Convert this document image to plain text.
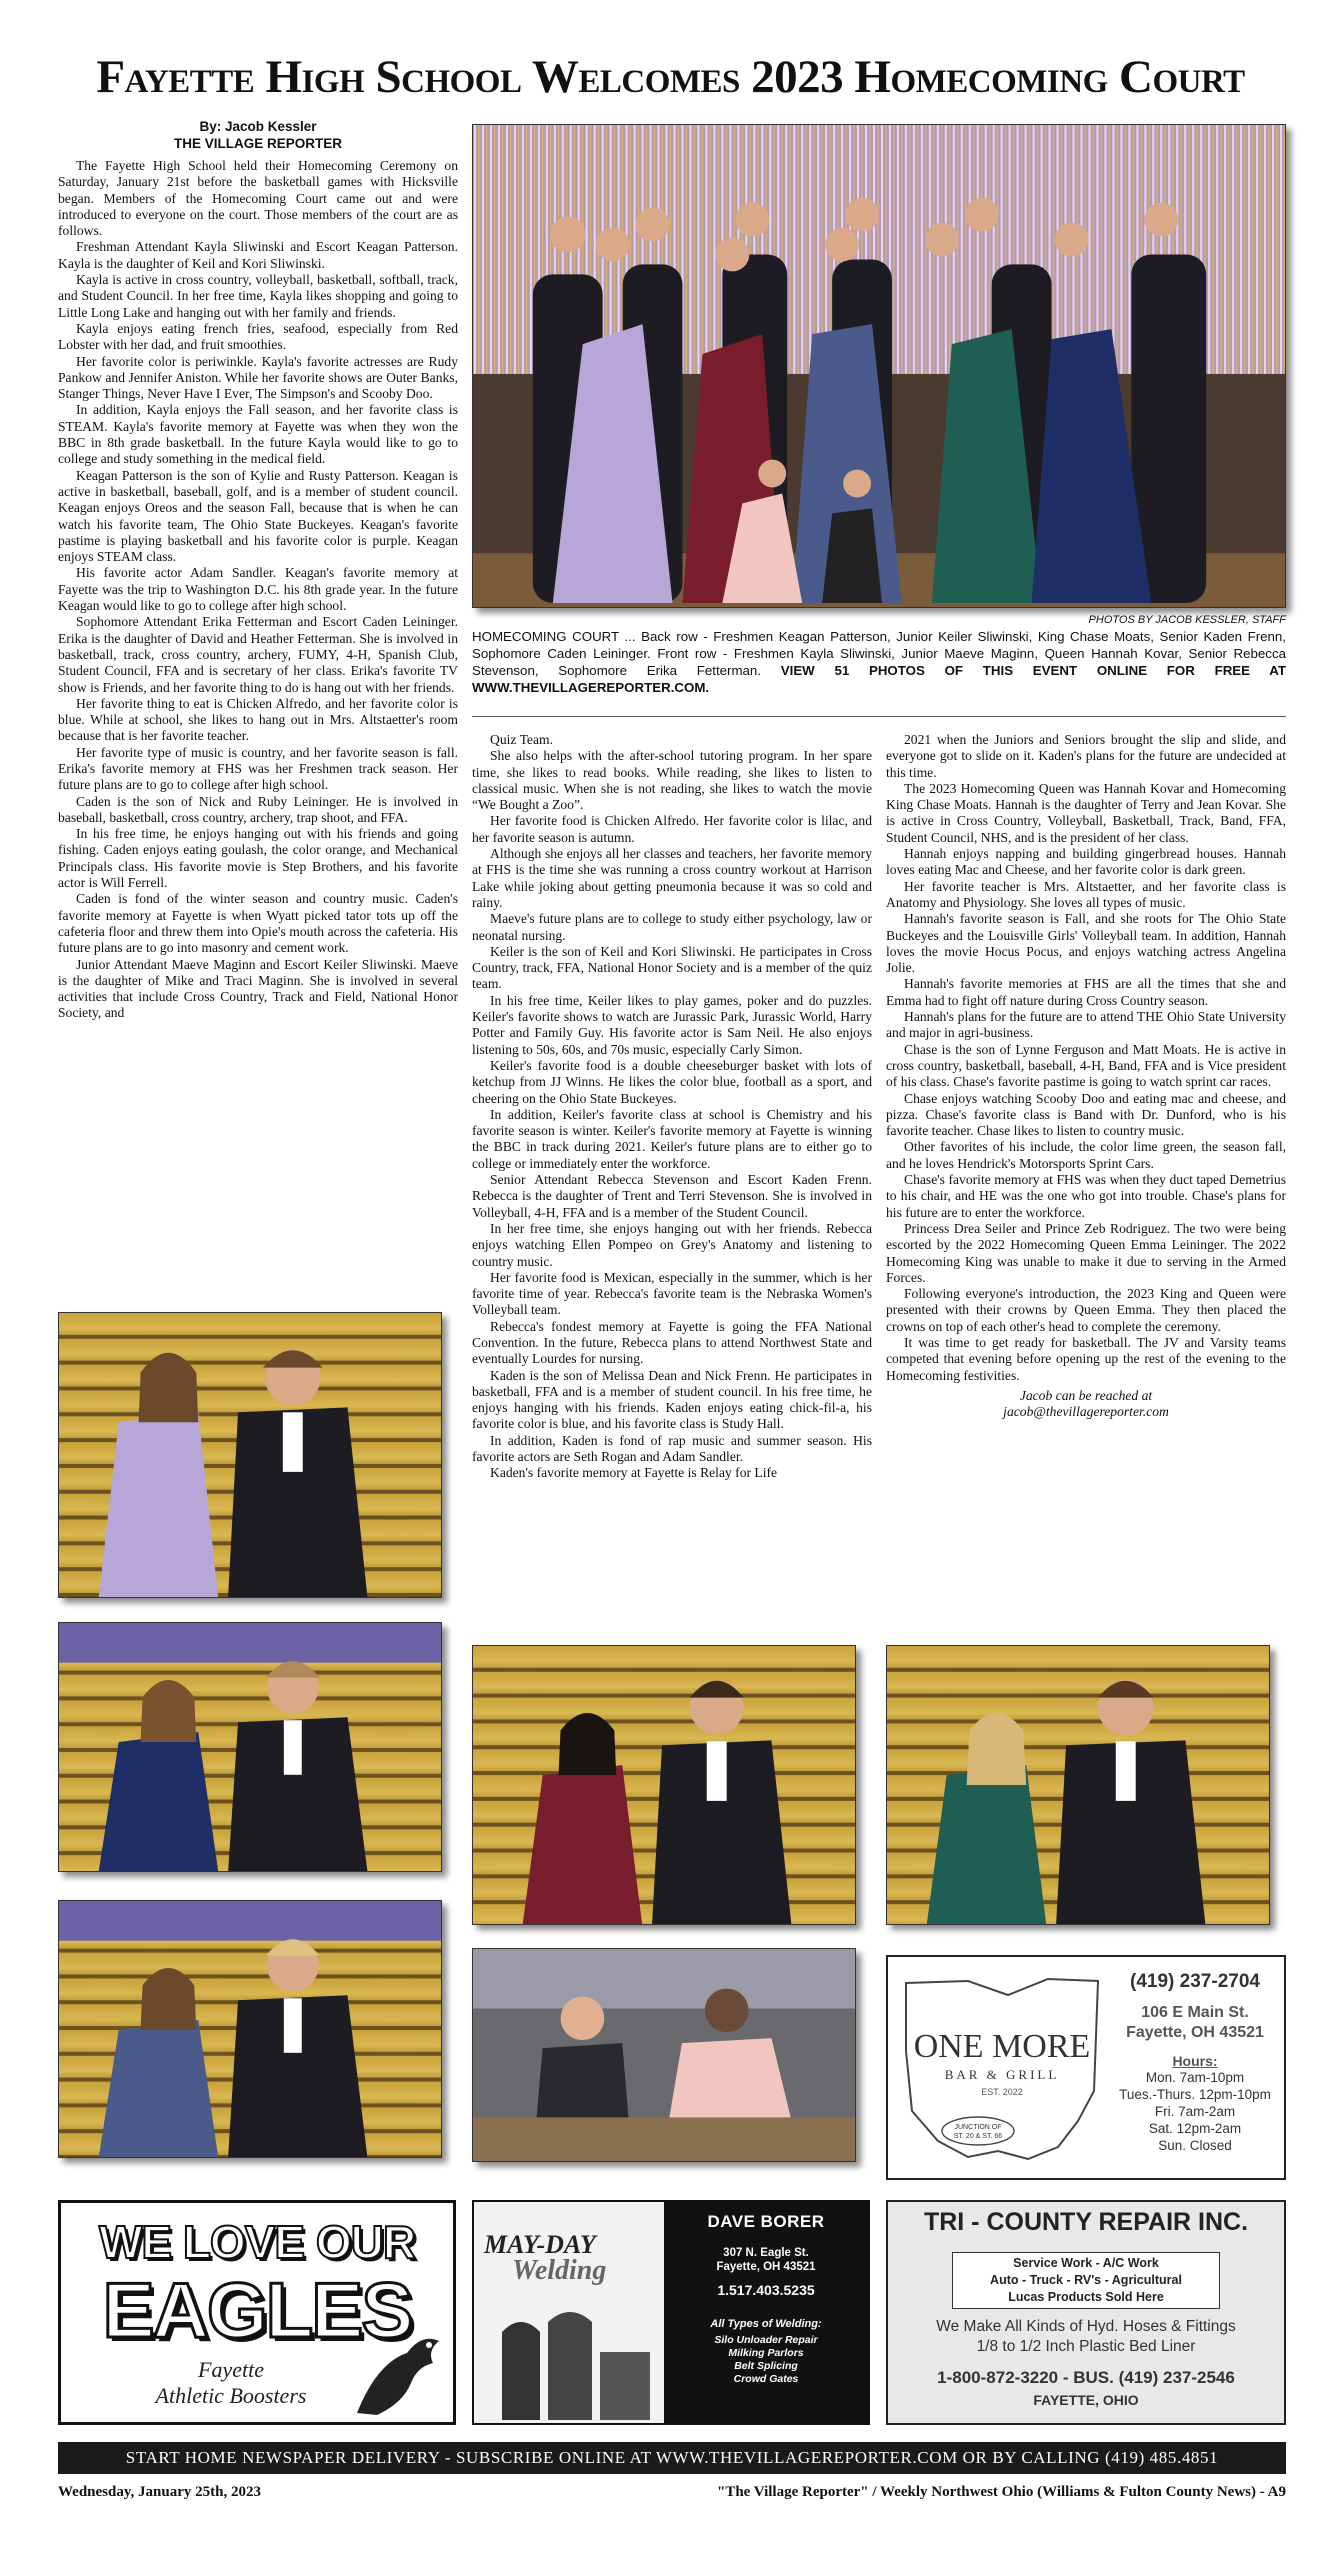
Fayette High School Welcomes 2023 Homecoming Court
By: Jacob Kessler
THE VILLAGE REPORTER

The Fayette High School held their Homecoming Ceremony on Saturday, January 21st before the basketball games with Hicksville began. Members of the Homecoming Court came out and were introduced to everyone on the court. Those members of the court are as follows.

Freshman Attendant Kayla Sliwinski and Escort Keagan Patterson. Kayla is the daughter of Keil and Kori Sliwinski.

Kayla is active in cross country, volleyball, basketball, softball, track, and Student Council. In her free time, Kayla likes shopping and going to Little Long Lake and hanging out with her family and friends.

Kayla enjoys eating french fries, seafood, especially from Red Lobster with her dad, and fruit smoothies.

Her favorite color is periwinkle. Kayla's favorite actresses are Rudy Pankow and Jennifer Aniston. While her favorite shows are Outer Banks, Stanger Things, Never Have I Ever, The Simpson's and Scooby Doo.

In addition, Kayla enjoys the Fall season, and her favorite class is STEAM. Kayla's favorite memory at Fayette was when they won the BBC in 8th grade basketball. In the future Kayla would like to go to college and study something in the medical field.

Keagan Patterson is the son of Kylie and Rusty Patterson. Keagan is active in basketball, baseball, golf, and is a member of student council. Keagan enjoys Oreos and the season Fall, because that is when he can watch his favorite team, The Ohio State Buckeyes. Keagan's favorite pastime is playing basketball and his favorite color is purple. Keagan enjoys STEAM class.

His favorite actor Adam Sandler. Keagan's favorite memory at Fayette was the trip to Washington D.C. his 8th grade year. In the future Keagan would like to go to college after high school.

Sophomore Attendant Erika Fetterman and Escort Caden Leininger. Erika is the daughter of David and Heather Fetterman. She is involved in basketball, track, cross country, archery, FUMY, 4-H, Spanish Club, Student Council, FFA and is secretary of her class. Erika's favorite TV show is Friends, and her favorite thing to do is hang out with her friends.

Her favorite thing to eat is Chicken Alfredo, and her favorite color is blue. While at school, she likes to hang out in Mrs. Altstaetter's room because that is her favorite teacher.

Her favorite type of music is country, and her favorite season is fall. Erika's favorite memory at FHS was her Freshmen track season. Her future plans are to go to college after high school.

Caden is the son of Nick and Ruby Leininger. He is involved in baseball, basketball, cross country, archery, trap shoot, and FFA.

In his free time, he enjoys hanging out with his friends and going fishing. Caden enjoys eating goulash, the color orange, and Mechanical Principals class. His favorite movie is Step Brothers, and his favorite actor is Will Ferrell.

Caden is fond of the winter season and country music. Caden's favorite memory at Fayette is when Wyatt picked tator tots up off the cafeteria floor and threw them into Opie's mouth across the cafeteria. His future plans are to go into masonry and cement work.

Junior Attendant Maeve Maginn and Escort Keiler Sliwinski. Maeve is the daughter of Mike and Traci Maginn. She is involved in several activities that include Cross Country, Track and Field, National Honor Society, and

PHOTOS BY JACOB KESSLER, STAFF
HOMECOMING COURT ... Back row - Freshmen Keagan Patterson, Junior Keiler Sliwinski, King Chase Moats, Senior Kaden Frenn, Sophomore Caden Leininger. Front row - Freshmen Kayla Sliwinski, Junior Maeve Maginn, Queen Hannah Kovar, Senior Rebecca Stevenson, Sophomore Erika Fetterman. VIEW 51 PHOTOS OF THIS EVENT ONLINE FOR FREE AT WWW.THEVILLAGEREPORTER.COM.

Quiz Team.

She also helps with the after-school tutoring program. In her spare time, she likes to read books. While reading, she likes to listen to classical music. When she is not reading, she likes to watch the movie “We Bought a Zoo”.

Her favorite food is Chicken Alfredo. Her favorite color is lilac, and her favorite season is autumn.

Although she enjoys all her classes and teachers, her favorite memory at FHS is the time she was running a cross country workout at Harrison Lake while joking about getting pneumonia because it was so cold and rainy.

Maeve's future plans are to college to study either psychology, law or neonatal nursing.

Keiler is the son of Keil and Kori Sliwinski. He participates in Cross Country, track, FFA, National Honor Society and is a member of the quiz team.

In his free time, Keiler likes to play games, poker and do puzzles. Keiler's favorite shows to watch are Jurassic Park, Jurassic World, Harry Potter and Family Guy. His favorite actor is Sam Neil. He also enjoys listening to 50s, 60s, and 70s music, especially Carly Simon.

Keiler's favorite food is a double cheeseburger basket with lots of ketchup from JJ Winns. He likes the color blue, football as a sport, and cheering on the Ohio State Buckeyes.

In addition, Keiler's favorite class at school is Chemistry and his favorite season is winter. Keiler's favorite memory at Fayette is winning the BBC in track during 2021. Keiler's future plans are to either go to college or immediately enter the workforce.

Senior Attendant Rebecca Stevenson and Escort Kaden Frenn. Rebecca is the daughter of Trent and Terri Stevenson. She is involved in Volleyball, 4-H, FFA and is a member of the Student Council.

In her free time, she enjoys hanging out with her friends. Rebecca enjoys watching Ellen Pompeo on Grey's Anatomy and listening to country music.

Her favorite food is Mexican, especially in the summer, which is her favorite time of year. Rebecca's favorite team is the Nebraska Women's Volleyball team.

Rebecca's fondest memory at Fayette is going the FFA National Convention. In the future, Rebecca plans to attend Northwest State and eventually Lourdes for nursing.

Kaden is the son of Melissa Dean and Nick Frenn. He participates in basketball, FFA and is a member of student council. In his free time, he enjoys hanging with his friends. Kaden enjoys eating chick-fil-a, his favorite color is blue, and his favorite class is Study Hall.

In addition, Kaden is fond of rap music and summer season. His favorite actors are Seth Rogan and Adam Sandler.

Kaden's favorite memory at Fayette is Relay for Life

2021 when the Juniors and Seniors brought the slip and slide, and everyone got to slide on it. Kaden's plans for the future are undecided at this time.

The 2023 Homecoming Queen was Hannah Kovar and Homecoming King Chase Moats. Hannah is the daughter of Terry and Jean Kovar. She is active in Cross Country, Volleyball, Basketball, Track, Band, FFA, Student Council, NHS, and is the president of her class.

Hannah enjoys napping and building gingerbread houses. Hannah loves eating Mac and Cheese, and her favorite color is dark green.

Her favorite teacher is Mrs. Altstaetter, and her favorite class is Anatomy and Physiology. She loves all types of music.

Hannah's favorite season is Fall, and she roots for The Ohio State Buckeyes and the Louisville Girls' Volleyball team. In addition, Hannah loves the movie Hocus Pocus, and enjoys watching actress Angelina Jolie.

Hannah's favorite memories at FHS are all the times that she and Emma had to fight off nature during Cross Country season.

Hannah's plans for the future are to attend THE Ohio State University and major in agri-business.

Chase is the son of Lynne Ferguson and Matt Moats. He is active in cross country, basketball, baseball, 4-H, Band, FFA and is Vice president of his class. Chase's favorite pastime is going to watch sprint car races.

Chase enjoys watching Scooby Doo and eating mac and cheese, and pizza. Chase's favorite class is Band with Dr. Dunford, who is his favorite teacher. Chase likes to listen to country music.

Other favorites of his include, the color lime green, the season fall, and he loves Hendrick's Motorsports Sprint Cars.

Chase's favorite memory at FHS was when they duct taped Demetrius to his chair, and HE was the one who got into trouble. Chase's plans for his future are to enter the workforce.

Princess Drea Seiler and Prince Zeb Rodriguez. The two were being escorted by the 2022 Homecoming Queen Emma Leininger. The 2022 Homecoming King was unable to make it due to serving in the Armed Forces.

Following everyone's introduction, the 2023 King and Queen were presented with their crowns by Queen Emma. They then placed the crowns on top of each other's head to complete the ceremony.

It was time to get ready for basketball. The JV and Varsity teams competed that evening before opening up the rest of the evening to the Homecoming festivities.

Jacob can be reached at

jacob@thevillagereporter.com

ONE MORE
BAR & GRILL
EST. 2022
JUNCTION OF
ST. 20 & ST. 66
(419) 237-2704
106 E Main St.
Fayette, OH 43521
Hours:
Mon. 7am-10pm
Tues.-Thurs. 12pm-10pm
Fri. 7am-2am
Sat. 12pm-2am
Sun. Closed
WE LOVE OUR
EAGLES
Fayette
Athletic Boosters
MAY-DAY
Welding
DAVE BORER
307 N. Eagle St.
Fayette, OH 43521
1.517.403.5235
All Types of Welding:
Silo Unloader Repair
Milking Parlors
Belt Splicing
Crowd Gates
TRI - COUNTY REPAIR INC.
Service Work - A/C Work
Auto - Truck - RV's - Agricultural
Lucas Products Sold Here
We Make All Kinds of Hyd. Hoses & Fittings
1/8 to 1/2 Inch Plastic Bed Liner
1-800-872-3220 - BUS. (419) 237-2546
FAYETTE, OHIO
START HOME NEWSPAPER DELIVERY - SUBSCRIBE ONLINE AT WWW.THEVILLAGEREPORTER.COM OR BY CALLING (419) 485.4851
Wednesday, January 25th, 2023	"The Village Reporter" / Weekly Northwest Ohio (Williams & Fulton County News) - A9
